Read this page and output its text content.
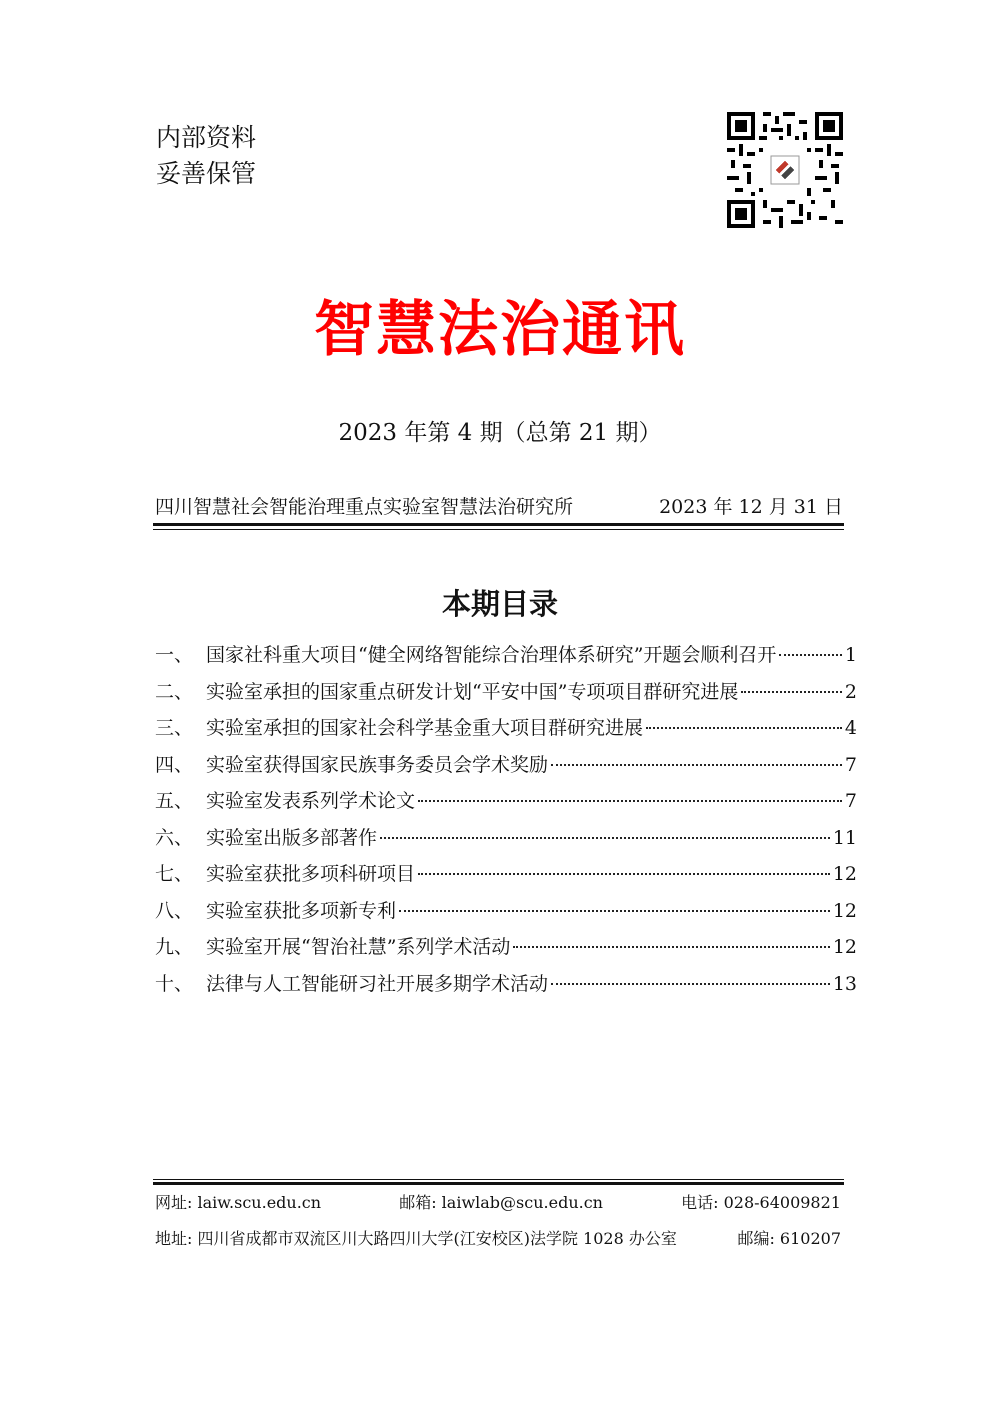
内部资料
妥善保管
智慧法治通讯
2023 年第 4 期（总第 21 期）
四川智慧社会智能治理重点实验室智慧法治研究所	2023 年 12 月 31 日
本期目录
一、 国家社科重大项目“健全网络智能综合治理体系研究”开题会顺利召开	1
二、 实验室承担的国家重点研发计划“平安中国”专项项目群研究进展	2
三、 实验室承担的国家社会科学基金重大项目群研究进展	4
四、 实验室获得国家民族事务委员会学术奖励	7
五、 实验室发表系列学术论文	7
六、 实验室出版多部著作	11
七、 实验室获批多项科研项目	12
八、 实验室获批多项新专利	12
九、 实验室开展“智治社慧”系列学术活动	12
十、 法律与人工智能研习社开展多期学术活动	13
网址: laiw.scu.edu.cn	邮箱: laiwlab@scu.edu.cn	电话: 028-64009821
地址: 四川省成都市双流区川大路四川大学(江安校区)法学院 1028 办公室	邮编: 610207
